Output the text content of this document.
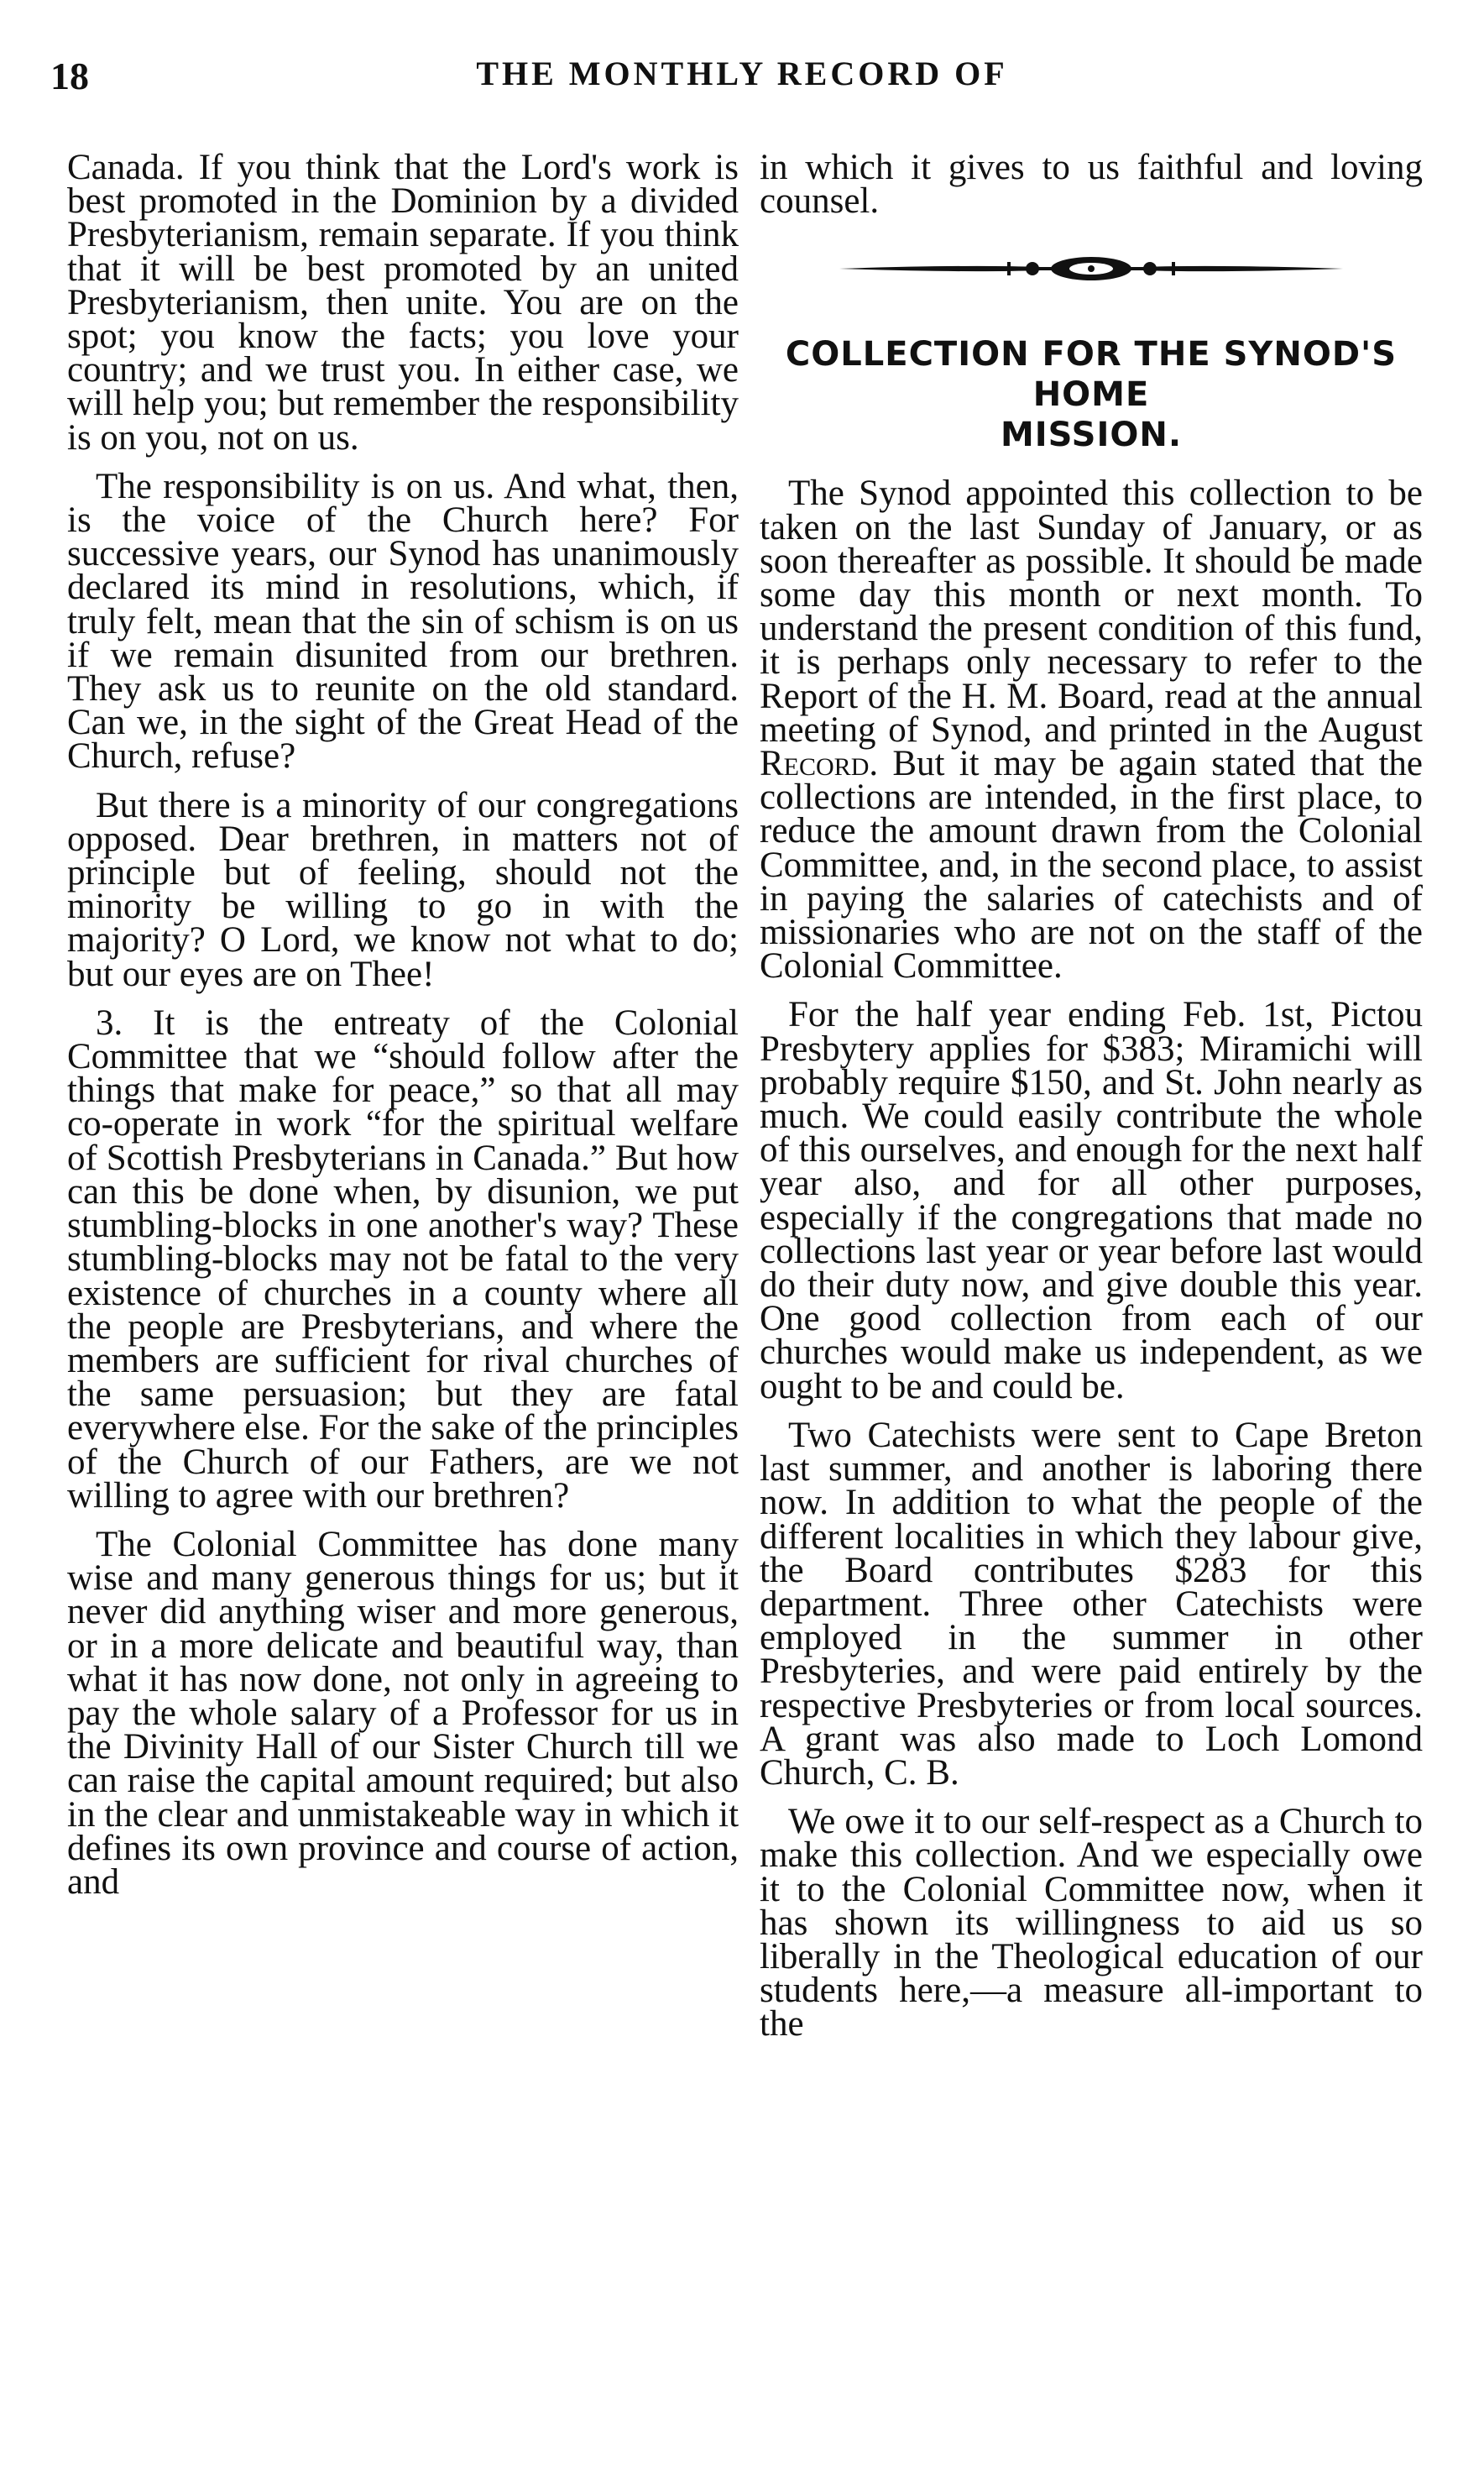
18	THE MONTHLY RECORD OF

Canada. If you think that the Lord's work is best promoted in the Dominion by a divided Presbyterianism, remain separate. If you think that it will be best promoted by an united Presbyterianism, then unite. You are on the spot; you know the facts; you love your country; and we trust you. In either case, we will help you; but remember the responsibility is on you, not on us.

The responsibility is on us. And what, then, is the voice of the Church here? For successive years, our Synod has unanimously declared its mind in resolutions, which, if truly felt, mean that the sin of schism is on us if we remain disunited from our brethren. They ask us to reunite on the old standard. Can we, in the sight of the Great Head of the Church, refuse?

But there is a minority of our congregations opposed. Dear brethren, in matters not of principle but of feeling, should not the minority be willing to go in with the majority? O Lord, we know not what to do; but our eyes are on Thee!

3. It is the entreaty of the Colonial Committee that we “should follow after the things that make for peace,” so that all may co-operate in work “for the spiritual welfare of Scottish Presbyterians in Canada.” But how can this be done when, by disunion, we put stumbling-blocks in one another's way? These stumbling-blocks may not be fatal to the very existence of churches in a county where all the people are Presbyterians, and where the members are sufficient for rival churches of the same persuasion; but they are fatal everywhere else. For the sake of the principles of the Church of our Fathers, are we not willing to agree with our brethren?

The Colonial Committee has done many wise and many generous things for us; but it never did anything wiser and more generous, or in a more delicate and beautiful way, than what it has now done, not only in agreeing to pay the whole salary of a Professor for us in the Divinity Hall of our Sister Church till we can raise the capital amount required; but also in the clear and unmistakeable way in which it defines its own province and course of action, and

in which it gives to us faithful and loving counsel.

COLLECTION FOR THE SYNOD'S HOME
MISSION.

The Synod appointed this collection to be taken on the last Sunday of January, or as soon thereafter as possible. It should be made some day this month or next month. To understand the present condition of this fund, it is perhaps only necessary to refer to the Report of the H. M. Board, read at the annual meeting of Synod, and printed in the August Record. But it may be again stated that the collections are intended, in the first place, to reduce the amount drawn from the Colonial Committee, and, in the second place, to assist in paying the salaries of catechists and of missionaries who are not on the staff of the Colonial Committee.

For the half year ending Feb. 1st, Pictou Presbytery applies for $383; Miramichi will probably require $150, and St. John nearly as much. We could easily contribute the whole of this ourselves, and enough for the next half year also, and for all other purposes, especially if the congregations that made no collections last year or year before last would do their duty now, and give double this year. One good collection from each of our churches would make us independent, as we ought to be and could be.

Two Catechists were sent to Cape Breton last summer, and another is laboring there now. In addition to what the people of the different localities in which they labour give, the Board contributes $283 for this department. Three other Catechists were employed in the summer in other Presbyteries, and were paid entirely by the respective Presbyteries or from local sources. A grant was also made to Loch Lomond Church, C. B.

We owe it to our self-respect as a Church to make this collection. And we especially owe it to the Colonial Committee now, when it has shown its willingness to aid us so liberally in the Theological education of our students here,—a measure all-important to the
